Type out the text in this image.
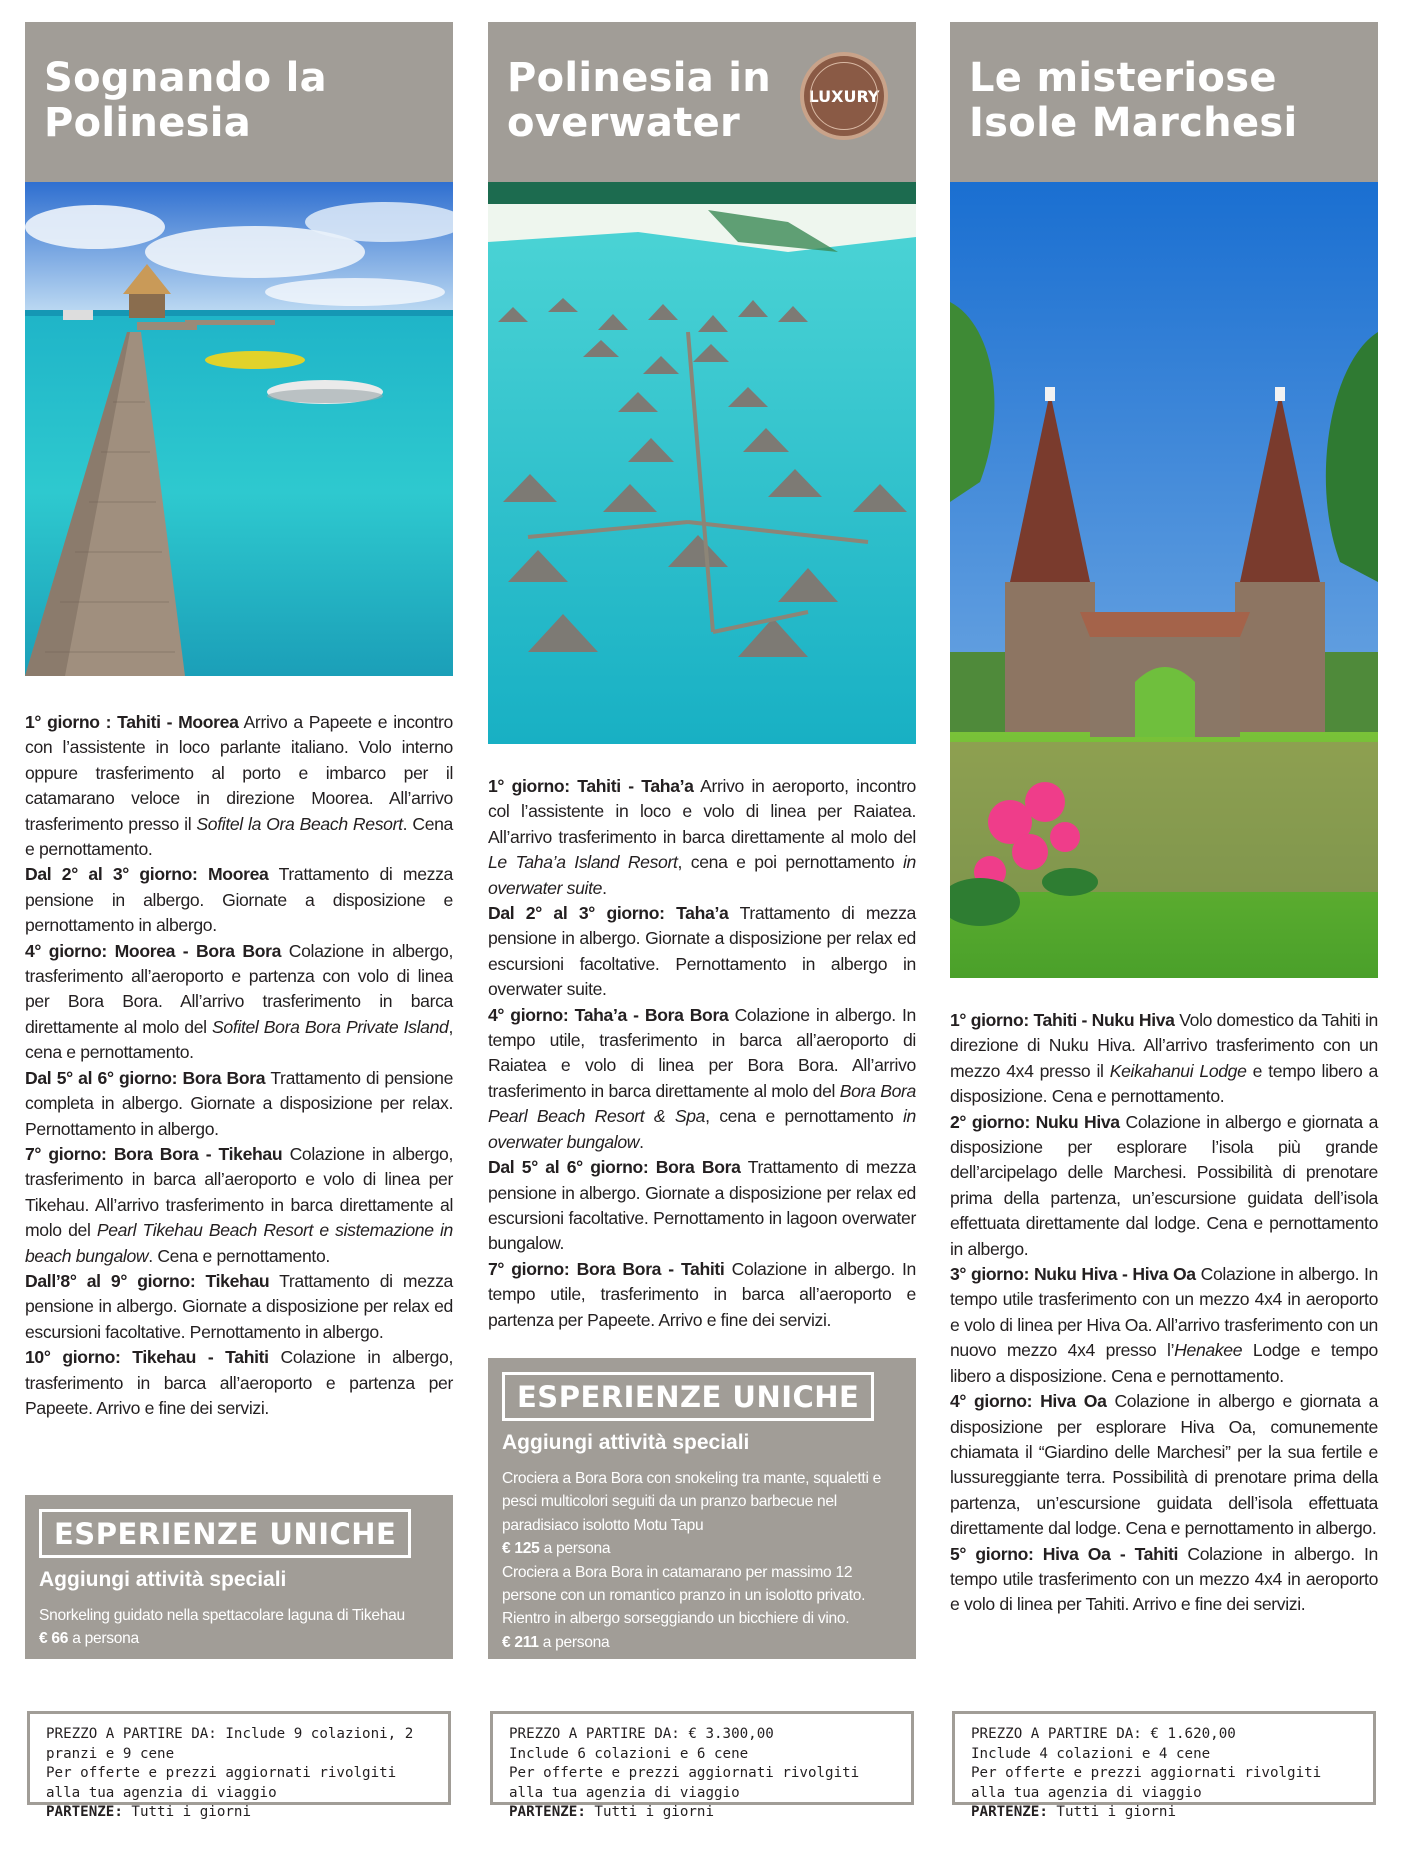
Sognando la
Polinesia

1° giorno : Tahiti - Moorea Arrivo a Papeete e incontro con l’assistente in loco parlante italiano. Volo interno oppure trasferimento al porto e imbarco per il catamarano veloce in direzione Moorea. All’arrivo trasferimento presso il Sofitel la Ora Beach Resort. Cena e pernottamento.

Dal 2° al 3° giorno: Moorea Trattamento di mezza pensione in albergo. Giornate a disposizione e pernottamento in albergo.

4° giorno: Moorea - Bora Bora Colazione in albergo, trasferimento all’aeroporto e partenza con volo di linea per Bora Bora. All’arrivo trasferimento in barca direttamente al molo del Sofitel Bora Bora Private Island, cena e pernottamento.

Dal 5° al 6° giorno: Bora Bora Trattamento di pensione completa in albergo. Giornate a disposizione per relax. Pernottamento in albergo.

7° giorno: Bora Bora - Tikehau Colazione in albergo, trasferimento in barca all’aeroporto e volo di linea per Tikehau. All’arrivo trasferimento in barca direttamente al molo del Pearl Tikehau Beach Resort e sistemazione in beach bungalow. Cena e pernottamento.

Dall’8° al 9° giorno: Tikehau Trattamento di mezza pensione in albergo. Giornate a disposizione per relax ed escursioni facoltative. Pernottamento in albergo.

10° giorno: Tikehau - Tahiti Colazione in albergo, trasferimento in barca all’aeroporto e partenza per Papeete. Arrivo e fine dei servizi.

ESPERIENZE UNICHE
Aggiungi attività speciali
Snorkeling guidato nella spettacolare laguna di Tikehau
€ 66 a persona
PREZZO A PARTIRE DA: Include 9 colazioni, 2
pranzi e 9 cene
Per offerte e prezzi aggiornati rivolgiti
alla tua agenzia di viaggio
PARTENZE: Tutti i giorni
Polinesia in
overwater
LUXURY

1° giorno: Tahiti - Taha’a Arrivo in aeroporto, incontro col l’assistente in loco e volo di linea per Raiatea. All’arrivo trasferimento in barca direttamente al molo del Le Taha’a Island Resort, cena e poi pernottamento in overwater suite.

Dal 2° al 3° giorno: Taha’a Trattamento di mezza pensione in albergo. Giornate a disposizione per relax ed escursioni facoltative. Pernottamento in albergo in overwater suite.

4° giorno: Taha’a - Bora Bora Colazione in albergo. In tempo utile, trasferimento in barca all’aeroporto di Raiatea e volo di linea per Bora Bora. All’arrivo trasferimento in barca direttamente al molo del Bora Bora Pearl Beach Resort & Spa, cena e pernottamento in overwater bungalow.

Dal 5° al 6° giorno: Bora Bora Trattamento di mezza pensione in albergo. Giornate a disposizione per relax ed escursioni facoltative. Pernottamento in lagoon overwater bungalow.

7° giorno: Bora Bora - Tahiti Colazione in albergo. In tempo utile, trasferimento in barca all’aeroporto e partenza per Papeete. Arrivo e fine dei servizi.

ESPERIENZE UNICHE
Aggiungi attività speciali
Crociera a Bora Bora con snokeling tra mante, squaletti e pesci multicolori seguiti da un pranzo barbecue nel paradisiaco isolotto Motu Tapu
€ 125 a persona
Crociera a Bora Bora in catamarano per massimo 12 persone con un romantico pranzo in un isolotto privato. Rientro in albergo sorseggiando un bicchiere di vino.
€ 211 a persona
PREZZO A PARTIRE DA: € 3.300,00
Include 6 colazioni e 6 cene
Per offerte e prezzi aggiornati rivolgiti
alla tua agenzia di viaggio
PARTENZE: Tutti i giorni
Le misteriose
Isole Marchesi

1° giorno: Tahiti - Nuku Hiva Volo domestico da Tahiti in direzione di Nuku Hiva. All’arrivo trasferimento con un mezzo 4x4 presso il Keikahanui Lodge e tempo libero a disposizione. Cena e pernottamento.

2° giorno: Nuku Hiva Colazione in albergo e giornata a disposizione per esplorare l’isola più grande dell’arcipelago delle Marchesi. Possibilità di prenotare prima della partenza, un’escursione guidata dell’isola effettuata direttamente dal lodge. Cena e pernottamento in albergo.

3° giorno: Nuku Hiva - Hiva Oa Colazione in albergo. In tempo utile trasferimento con un mezzo 4x4 in aeroporto e volo di linea per Hiva Oa. All’arrivo trasferimento con un nuovo mezzo 4x4 presso l’Henakee Lodge e tempo libero a disposizione. Cena e pernottamento.

4° giorno: Hiva Oa Colazione in albergo e giornata a disposizione per esplorare Hiva Oa, comunemente chiamata il “Giardino delle Marchesi” per la sua fertile e lussureggiante terra. Possibilità di prenotare prima della partenza, un’escursione guidata dell’isola effettuata direttamente dal lodge. Cena e pernottamento in albergo.

5° giorno: Hiva Oa - Tahiti Colazione in albergo. In tempo utile trasferimento con un mezzo 4x4 in aeroporto e volo di linea per Tahiti. Arrivo e fine dei servizi.

PREZZO A PARTIRE DA: € 1.620,00
Include 4 colazioni e 4 cene
Per offerte e prezzi aggiornati rivolgiti
alla tua agenzia di viaggio
PARTENZE: Tutti i giorni
